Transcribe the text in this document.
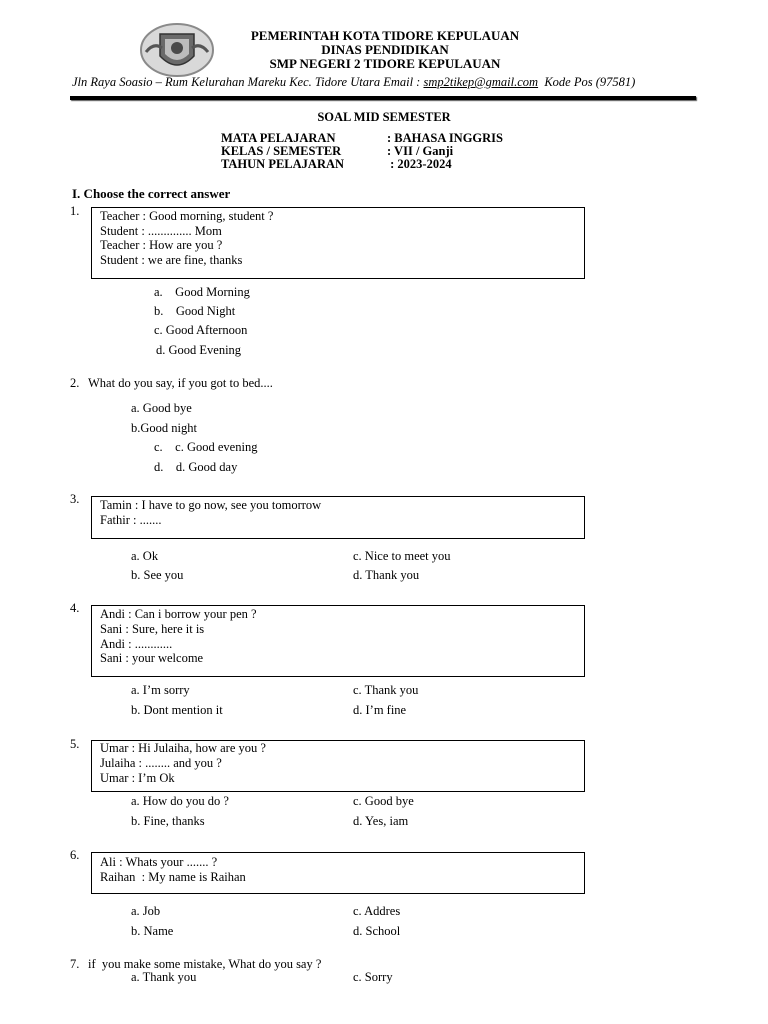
PEMERINTAH KOTA TIDORE KEPULAUAN
DINAS PENDIDIKAN
SMP NEGERI 2 TIDORE KEPULAUAN
Jln Raya Soasio – Rum Kelurahan Mareku Kec. Tidore Utara Email : smp2tikep@gmail.com  Kode Pos (97581)
SOAL MID SEMESTER
MATA PELAJARAN	: BAHASA INGGRIS
KELAS / SEMESTER	: VII / Ganji
TAHUN PELAJARAN	: 2023-2024
I. Choose the correct answer
1. Teacher : Good morning, student ?
Student : .............. Mom
Teacher : How are you ?
Student : we are fine, thanks
a.    Good Morning
b.    Good Night
c. Good Afternoon
d. Good Evening
2. What do you say, if you got to bed....
a. Good bye
b.Good night
c.    c. Good evening
d.    d. Good day
3. Tamin : I have to go now, see you tomorrow
Fathir : .......
a. Ok	c. Nice to meet you
b. See you	d. Thank you
4. Andi : Can i borrow your pen ?
Sani : Sure, here it is
Andi : ............
Sani : your welcome
a. I’m sorry	c. Thank you
b. Dont mention it	d. I’m fine
5. Umar : Hi Julaiha, how are you ?
Julaiha : ........ and you ?
Umar : I’m Ok
a. How do you do ?	c. Good bye
b. Fine, thanks	d. Yes, iam
6. Ali : Whats your ....... ?
Raihan  : My name is Raihan
a. Job	c. Addres
b. Name	d. School
7. if  you make some mistake, What do you say ?
a. Thank you	c. Sorry
